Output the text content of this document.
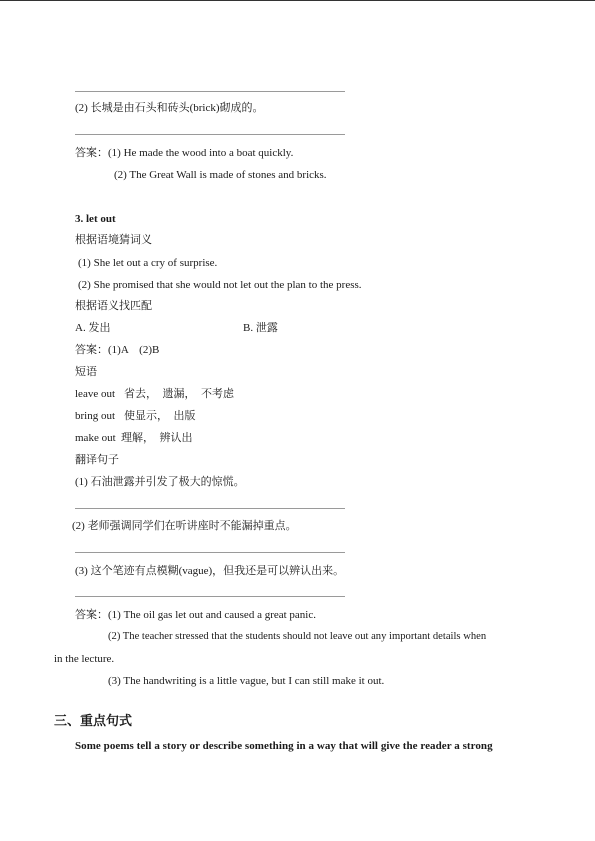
(2) 长城是由石头和砖头(brick)砌成的。
答案：(1) He made the wood into a boat quickly.
(2) The Great Wall is made of stones and bricks.
3. let out
根据语境猜词义
(1) She let out a cry of surprise.
(2) She promised that she would not let out the plan to the press.
根据语义找匹配
A. 发出	B. 泄露
答案：(1)A　(2)B
短语
leave out 省去，　遗漏，　不考虑
bring out 使显示，　出版
make out 理解，　辨认出
翻译句子
(1) 石油泄露并引发了极大的惊慌。
(2) 老师强调同学们在听讲座时不能漏掉重点。
(3) 这个笔迹有点模糊(vague)，但我还是可以辨认出来。
答案：(1) The oil gas let out and caused a great panic.
(2) The teacher stressed that the students should not leave out any important details when
in the lecture.
(3) The handwriting is a little vague, but I can still make it out.
三、重点句式
Some poems tell a story or describe something in a way that will give the reader a strong
